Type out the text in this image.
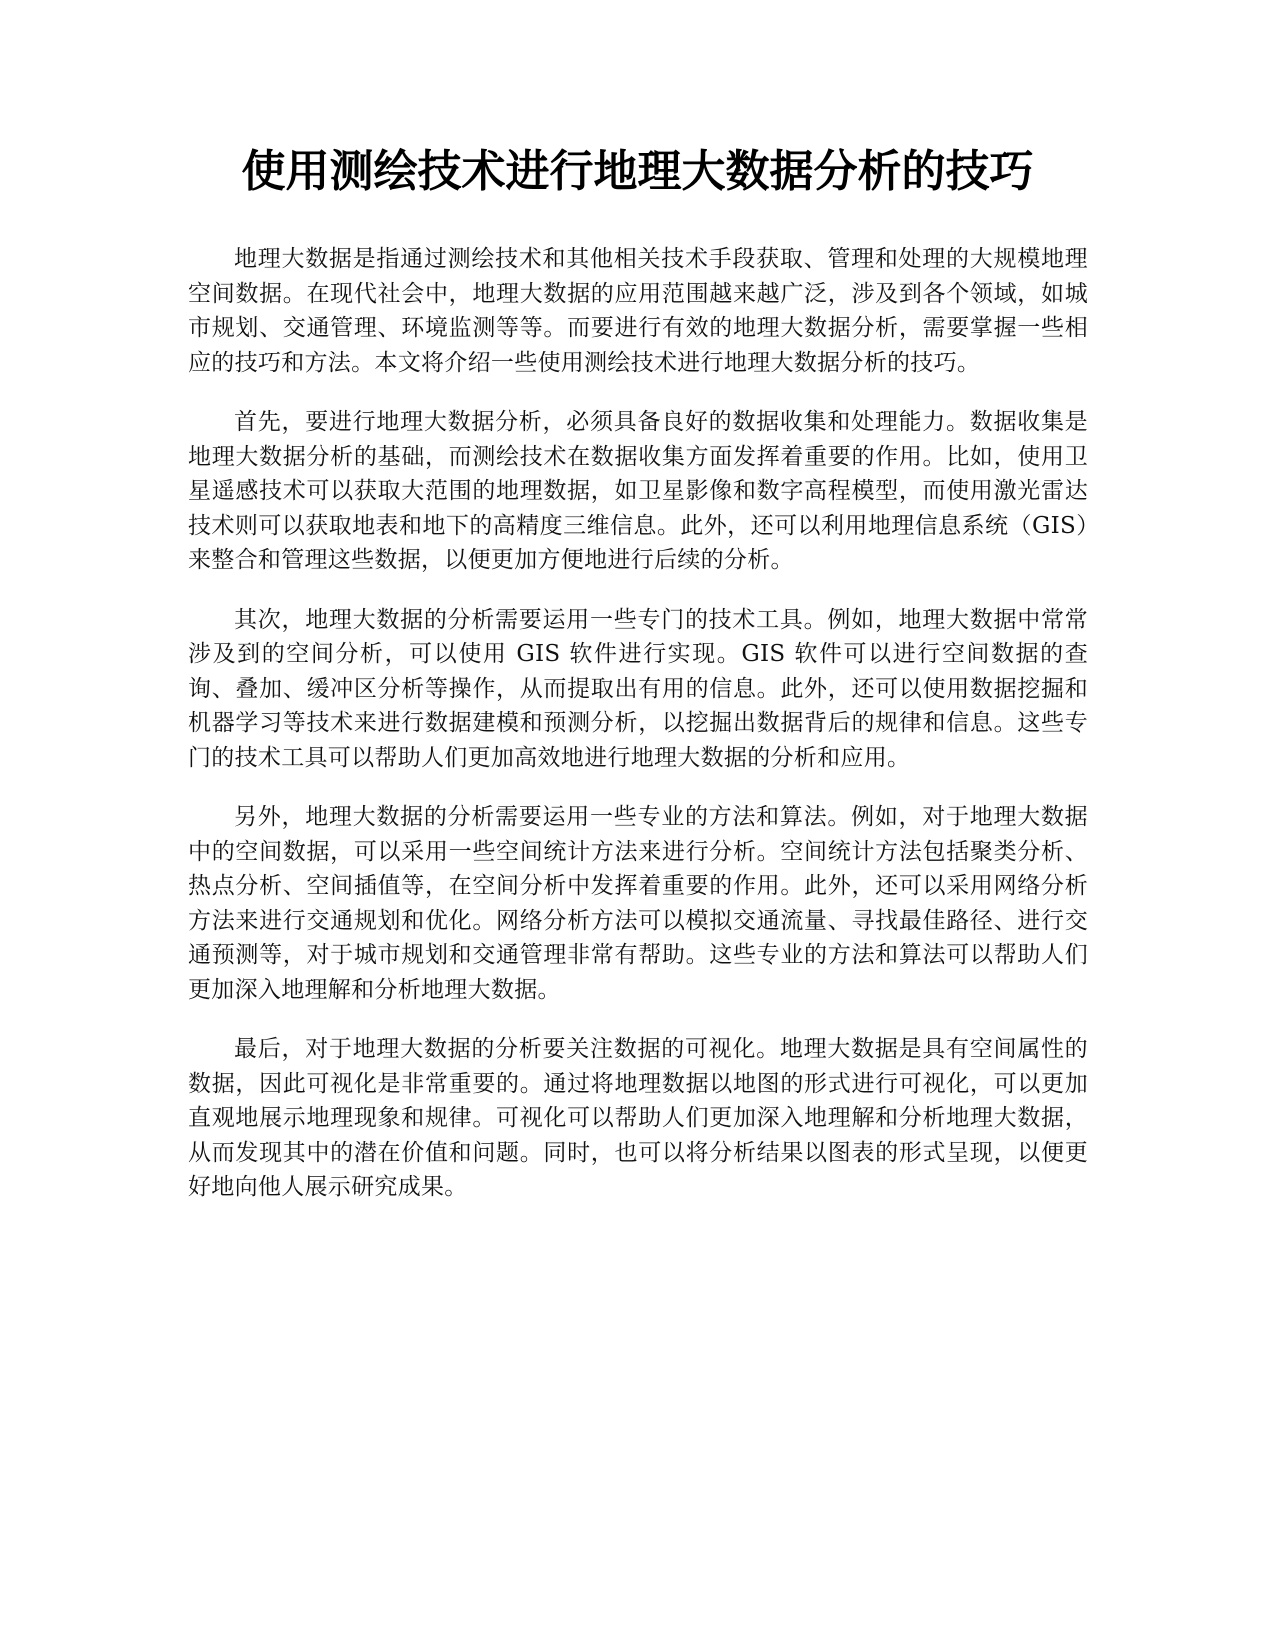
使用测绘技术进行地理大数据分析的技巧

地理大数据是指通过测绘技术和其他相关技术手段获取、管理和处理的大规模地理空间数据。在现代社会中，地理大数据的应用范围越来越广泛，涉及到各个领域，如城市规划、交通管理、环境监测等等。而要进行有效的地理大数据分析，需要掌握一些相应的技巧和方法。本文将介绍一些使用测绘技术进行地理大数据分析的技巧。

首先，要进行地理大数据分析，必须具备良好的数据收集和处理能力。数据收集是地理大数据分析的基础，而测绘技术在数据收集方面发挥着重要的作用。比如，使用卫星遥感技术可以获取大范围的地理数据，如卫星影像和数字高程模型，而使用激光雷达技术则可以获取地表和地下的高精度三维信息。此外，还可以利用地理信息系统（GIS）来整合和管理这些数据，以便更加方便地进行后续的分析。

其次，地理大数据的分析需要运用一些专门的技术工具。例如，地理大数据中常常涉及到的空间分析，可以使用 GIS 软件进行实现。GIS 软件可以进行空间数据的查询、叠加、缓冲区分析等操作，从而提取出有用的信息。此外，还可以使用数据挖掘和机器学习等技术来进行数据建模和预测分析，以挖掘出数据背后的规律和信息。这些专门的技术工具可以帮助人们更加高效地进行地理大数据的分析和应用。

另外，地理大数据的分析需要运用一些专业的方法和算法。例如，对于地理大数据中的空间数据，可以采用一些空间统计方法来进行分析。空间统计方法包括聚类分析、热点分析、空间插值等，在空间分析中发挥着重要的作用。此外，还可以采用网络分析方法来进行交通规划和优化。网络分析方法可以模拟交通流量、寻找最佳路径、进行交通预测等，对于城市规划和交通管理非常有帮助。这些专业的方法和算法可以帮助人们更加深入地理解和分析地理大数据。

最后，对于地理大数据的分析要关注数据的可视化。地理大数据是具有空间属性的数据，因此可视化是非常重要的。通过将地理数据以地图的形式进行可视化，可以更加直观地展示地理现象和规律。可视化可以帮助人们更加深入地理解和分析地理大数据，从而发现其中的潜在价值和问题。同时，也可以将分析结果以图表的形式呈现，以便更好地向他人展示研究成果。
